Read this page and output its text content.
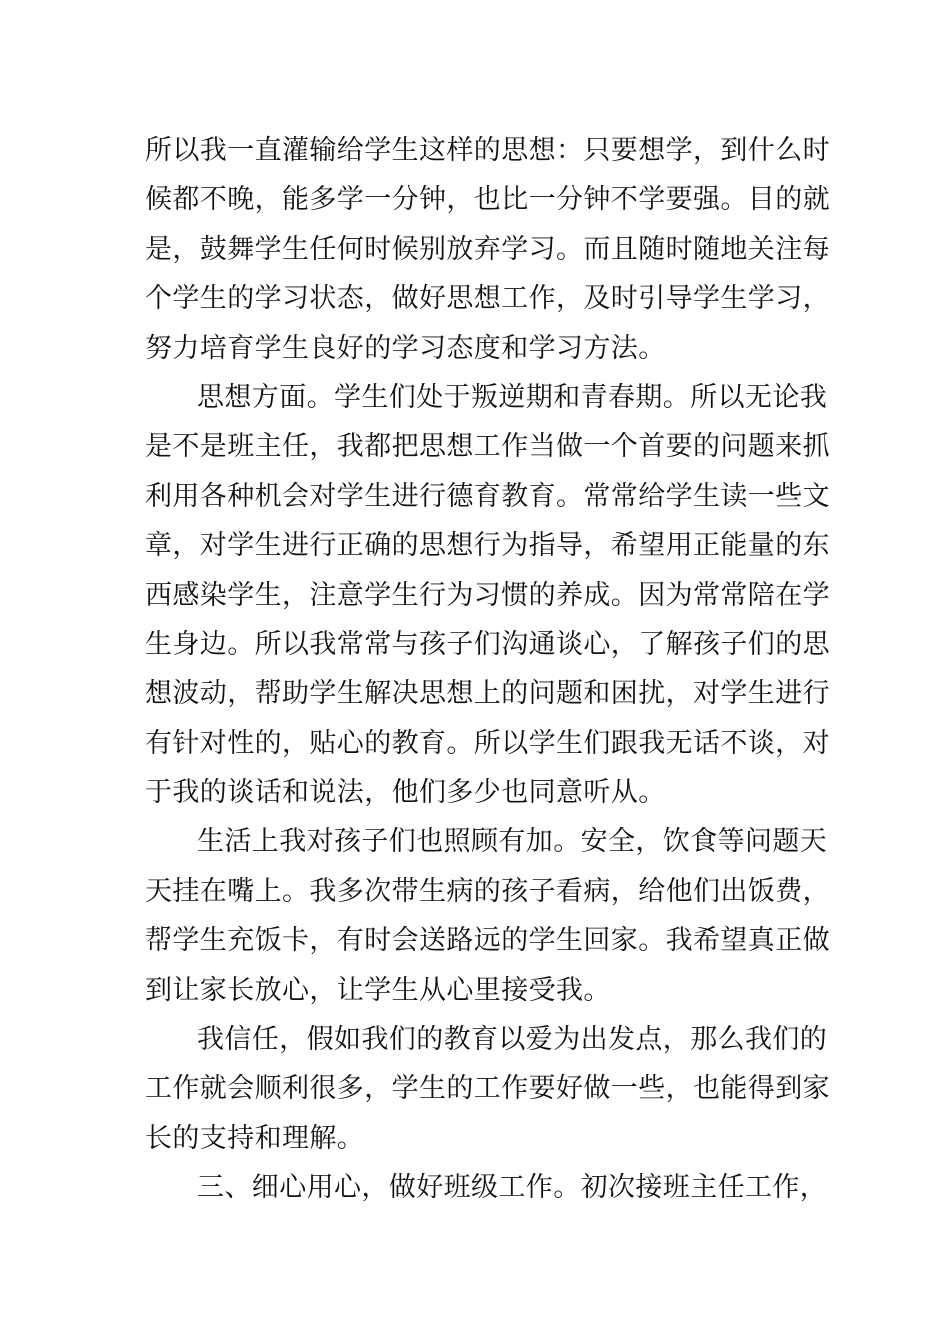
所以我一直灌输给学生这样的思想：只要想学，到什么时
候都不晚，能多学一分钟，也比一分钟不学要强。目的就
是，鼓舞学生任何时候别放弃学习。而且随时随地关注每
个学生的学习状态，做好思想工作，及时引导学生学习，
努力培育学生良好的学习态度和学习方法。
思想方面。学生们处于叛逆期和青春期。所以无论我
是不是班主任，我都把思想工作当做一个首要的问题来抓
利用各种机会对学生进行德育教育。常常给学生读一些文
章，对学生进行正确的思想行为指导，希望用正能量的东
西感染学生，注意学生行为习惯的养成。因为常常陪在学
生身边。所以我常常与孩子们沟通谈心，了解孩子们的思
想波动，帮助学生解决思想上的问题和困扰，对学生进行
有针对性的，贴心的教育。所以学生们跟我无话不谈，对
于我的谈话和说法，他们多少也同意听从。
生活上我对孩子们也照顾有加。安全，饮食等问题天
天挂在嘴上。我多次带生病的孩子看病，给他们出饭费，
帮学生充饭卡，有时会送路远的学生回家。我希望真正做
到让家长放心，让学生从心里接受我。
我信任，假如我们的教育以爱为出发点，那么我们的
工作就会顺利很多，学生的工作要好做一些，也能得到家
长的支持和理解。
三、细心用心，做好班级工作。初次接班主任工作，
